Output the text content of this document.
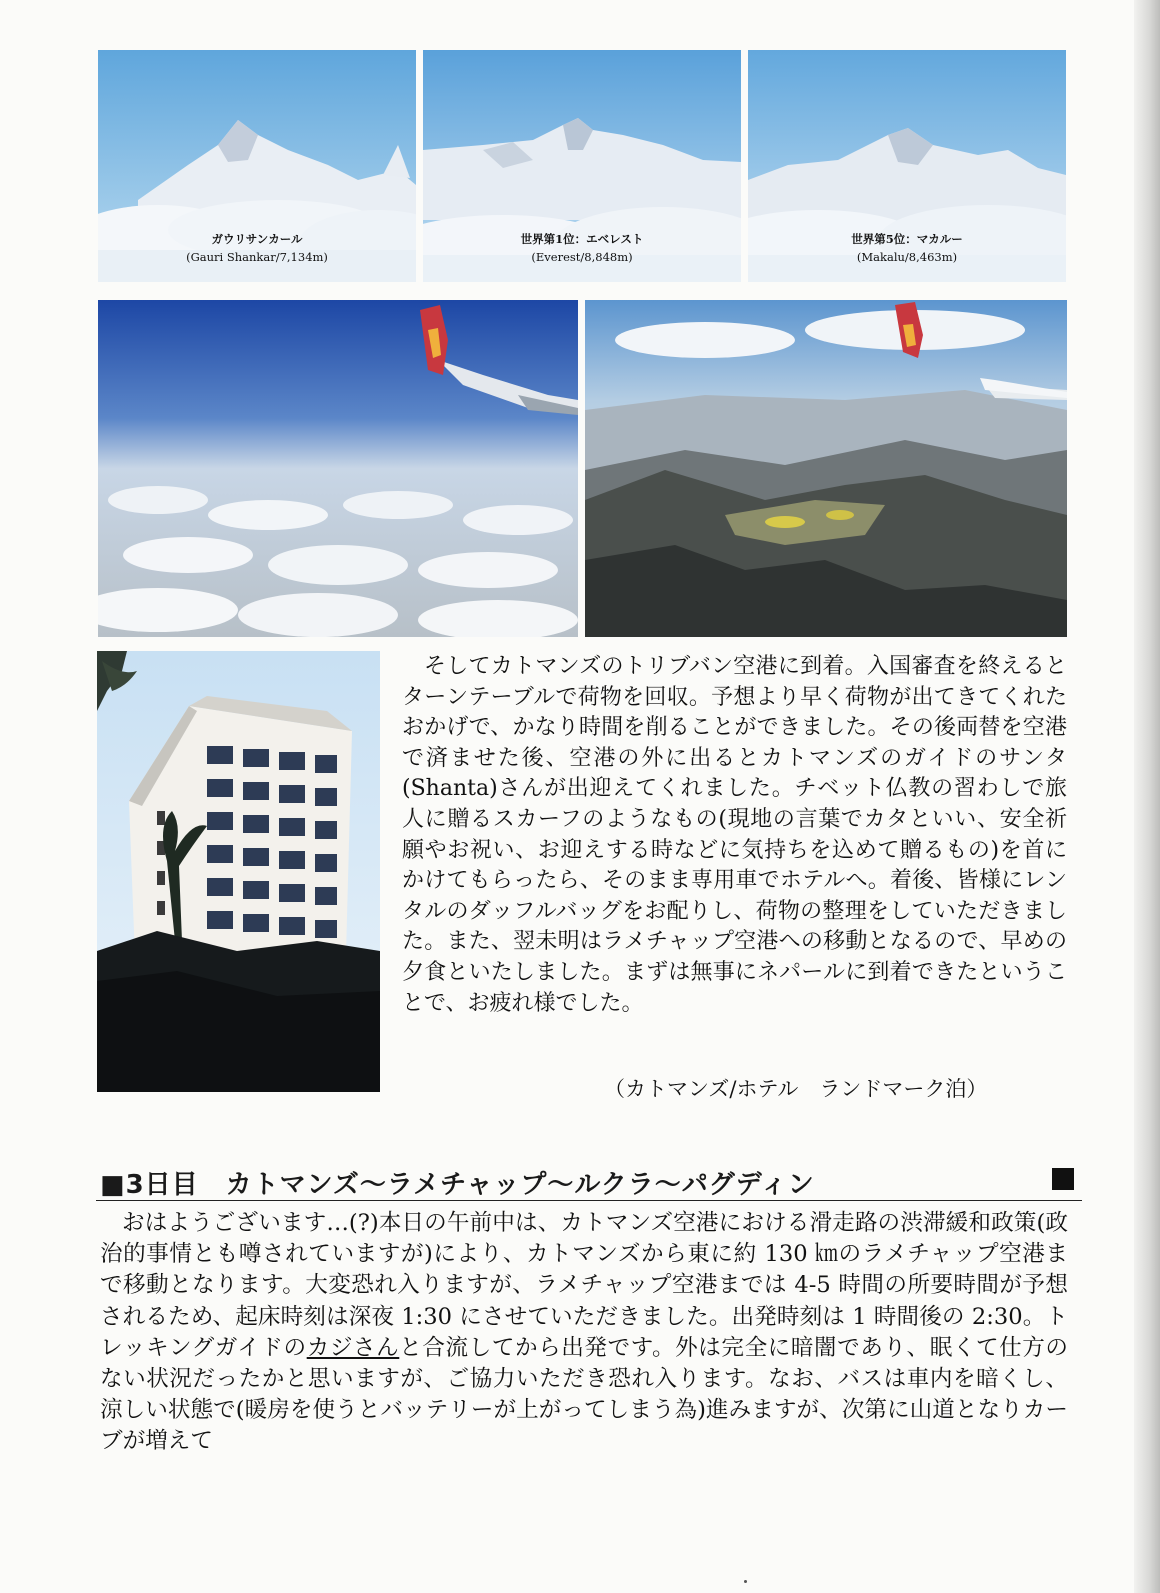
ガウリサンカール
(Gauri Shankar/7,134m)
世界第1位：エベレスト
(Everest/8,848m)
世界第5位：マカルー
(Makalu/8,463m)

そしてカトマンズのトリブバン空港に到着。入国審査を終えるとターンテーブルで荷物を回収。予想より早く荷物が出てきてくれたおかげで、かなり時間を削ることができました。その後両替を空港で済ませた後、空港の外に出るとカトマンズのガイドのサンタ(Shanta)さんが出迎えてくれました。チベット仏教の習わしで旅人に贈るスカーフのようなもの(現地の言葉でカタといい、安全祈願やお祝い、お迎えする時などに気持ちを込めて贈るもの)を首にかけてもらったら、そのまま専用車でホテルへ。着後、皆様にレンタルのダッフルバッグをお配りし、荷物の整理をしていただきました。また、翌未明はラメチャップ空港への移動となるので、早めの夕食といたしました。まずは無事にネパールに到着できたということで、お疲れ様でした。

（カトマンズ/ホテル　ランドマーク泊）
■3日目　カトマンズ〜ラメチャップ〜ルクラ〜パグディン

おはようございます…(?)本日の午前中は、カトマンズ空港における滑走路の渋滞緩和政策(政治的事情とも噂されていますが)により、カトマンズから東に約 130 ㎞のラメチャップ空港まで移動となります。大変恐れ入りますが、ラメチャップ空港までは 4-5 時間の所要時間が予想されるため、起床時刻は深夜 1:30 にさせていただきました。出発時刻は 1 時間後の 2:30。トレッキングガイドのカジさんと合流してから出発です。外は完全に暗闇であり、眠くて仕方のない状況だったかと思いますが、ご協力いただき恐れ入ります。なお、バスは車内を暗くし、涼しい状態で(暖房を使うとバッテリーが上がってしまう為)進みますが、次第に山道となりカーブが増えて
